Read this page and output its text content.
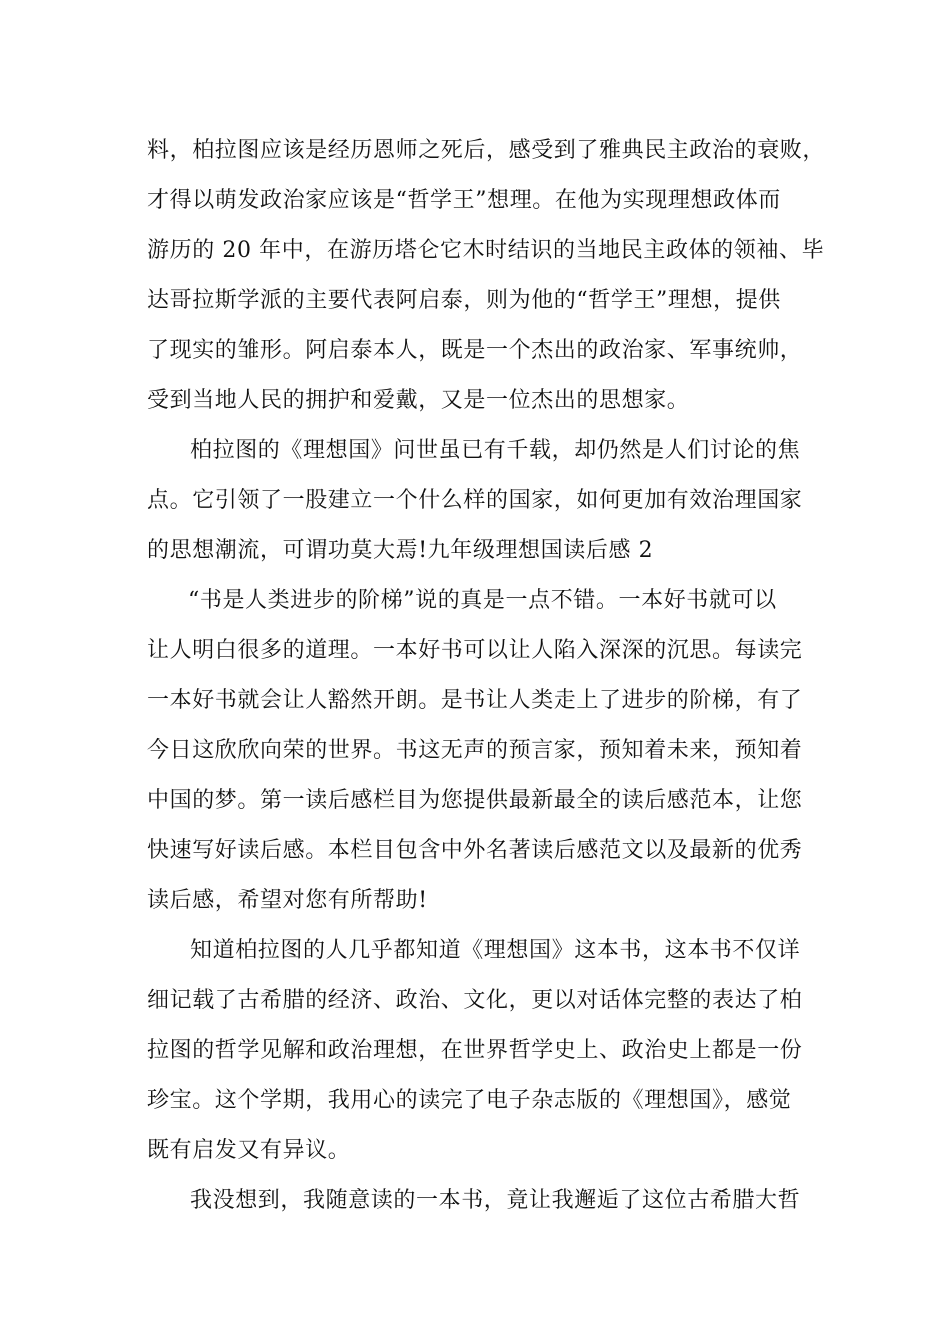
料，柏拉图应该是经历恩师之死后，感受到了雅典民主政治的衰败，
才得以萌发政治家应该是“哲学王”想理。在他为实现理想政体而
游历的 20 年中，在游历塔仑它木时结识的当地民主政体的领袖、毕
达哥拉斯学派的主要代表阿启泰，则为他的“哲学王”理想，提供
了现实的雏形。阿启泰本人，既是一个杰出的政治家、军事统帅，
受到当地人民的拥护和爱戴，又是一位杰出的思想家。
柏拉图的《理想国》问世虽已有千载，却仍然是人们讨论的焦
点。它引领了一股建立一个什么样的国家，如何更加有效治理国家
的思想潮流，可谓功莫大焉!九年级理想国读后感 2
“书是人类进步的阶梯”说的真是一点不错。一本好书就可以
让人明白很多的道理。一本好书可以让人陷入深深的沉思。每读完
一本好书就会让人豁然开朗。是书让人类走上了进步的阶梯，有了
今日这欣欣向荣的世界。书这无声的预言家，预知着未来，预知着
中国的梦。第一读后感栏目为您提供最新最全的读后感范本，让您
快速写好读后感。本栏目包含中外名著读后感范文以及最新的优秀
读后感，希望对您有所帮助!
知道柏拉图的人几乎都知道《理想国》这本书，这本书不仅详
细记载了古希腊的经济、政治、文化，更以对话体完整的表达了柏
拉图的哲学见解和政治理想，在世界哲学史上、政治史上都是一份
珍宝。这个学期，我用心的读完了电子杂志版的《理想国》，感觉
既有启发又有异议。
我没想到，我随意读的一本书，竟让我邂逅了这位古希腊大哲
